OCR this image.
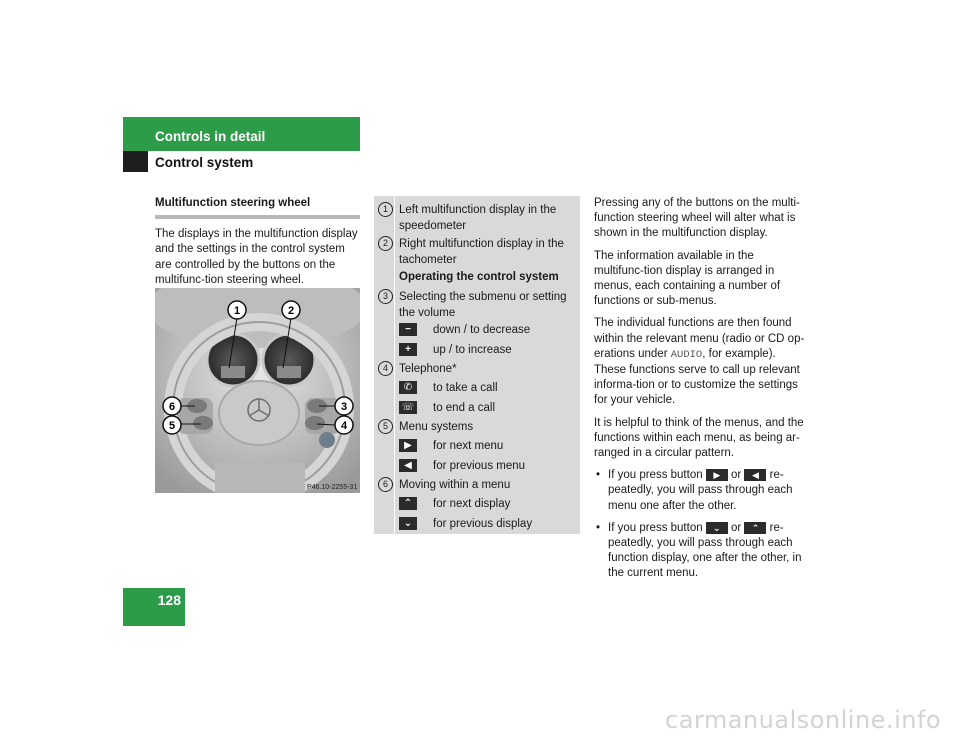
Controls in detail
Control system
Multifunction steering wheel

The displays in the multifunction display and the settings in the control system are controlled by the buttons on the multifunc-tion steering wheel.

1	2
3
4
5
6
P46.10-2255-31
1 Left multifunction display in the speedometer
2 Right multifunction display in the tachometer
Operating the control system
3 Selecting the submenu or setting the volume
−	down / to decrease
+	up / to increase
4 Telephone*
✆	to take a call
☏ to end a call
5 Menu systems
▶	for next menu
◀	for previous menu
6 Moving within a menu
⌃	for next display
⌄	for previous display

Pressing any of the buttons on the multi-function steering wheel will alter what is shown in the multifunction display.

The information available in the multifunc-tion display is arranged in menus, each containing a number of functions or sub-menus.

The individual functions are then found within the relevant menu (radio or CD op-erations under AUDIO, for example). These functions serve to call up relevant informa-tion or to customize the settings for your vehicle.

It is helpful to think of the menus, and the functions within each menu, as being ar-ranged in a circular pattern.

• If you press button ▶ or ◀ re-peatedly, you will pass through each menu one after the other.
• If you press button ⌄ or ⌃ re-peatedly, you will pass through each function display, one after the other, in the current menu.
128
carmanualsonline.info
